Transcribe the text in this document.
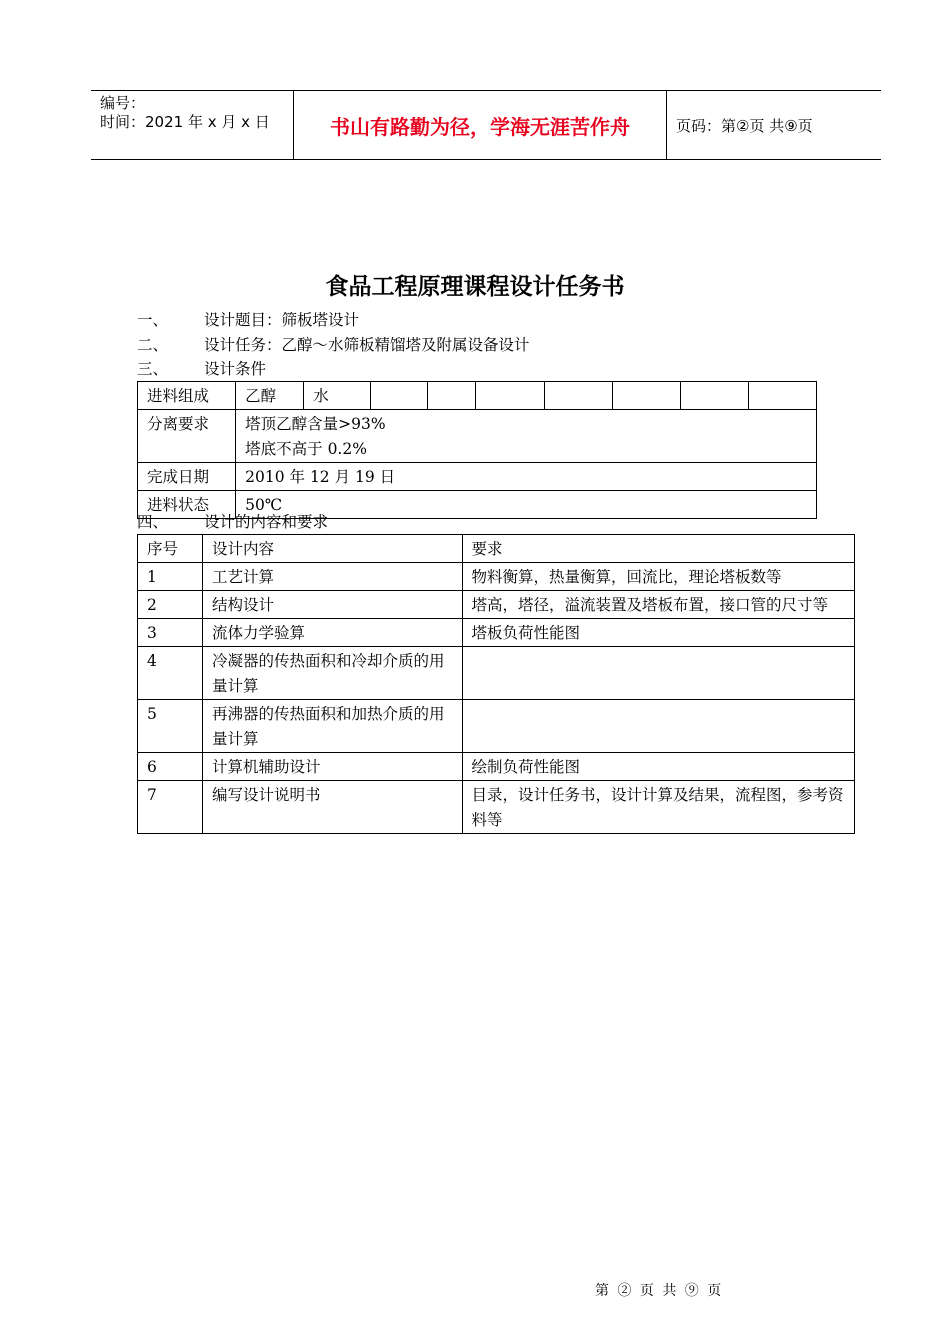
编号：
时间：2021 年 x 月 x 日	书山有路勤为径，学海无涯苦作舟	页码：第②页 共⑨页
食品工程原理课程设计任务书
一、 设计题目：筛板塔设计
二、 设计任务：乙醇～水筛板精馏塔及附属设备设计
三、 设计条件
进料组成	乙醇	水							
分离要求	塔顶乙醇含量>93%
塔底不高于 0.2%								

完成日期	2010 年 12 月 19 日								
进料状态	50℃								
四、 设计的内容和要求
序号	设计内容	要求
1	工艺计算	物料衡算，热量衡算，回流比，理论塔板数等
2	结构设计	塔高，塔径，溢流装置及塔板布置，接口管的尺寸等
3	流体力学验算	塔板负荷性能图
4	冷凝器的传热面积和冷却介质的用量计算	
5	再沸器的传热面积和加热介质的用量计算	
6	计算机辅助设计	绘制负荷性能图
7	编写设计说明书	目录，设计任务书，设计计算及结果，流程图，参考资料等
第 ② 页 共 ⑨ 页
